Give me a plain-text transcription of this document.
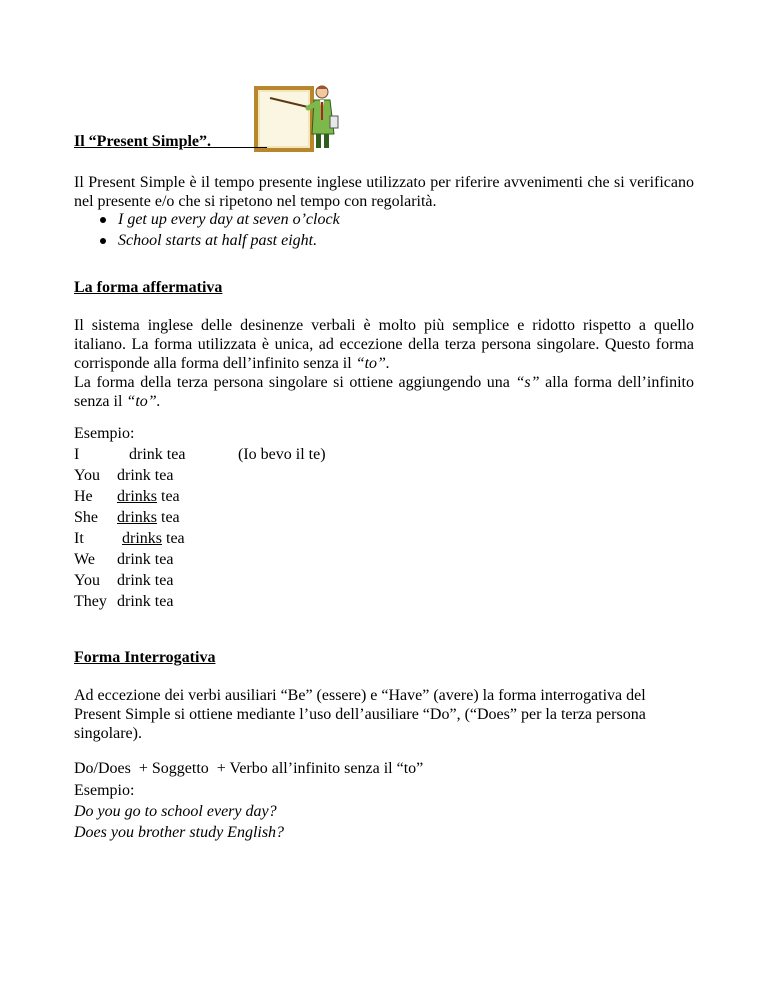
Il “Present Simple”.

Il Present Simple è il tempo presente inglese utilizzato per riferire avvenimenti che si verificano nel presente e/o che si ripetono nel tempo con regolarità.

I get up every day at seven o’clock
School starts at half past eight.
La forma affermativa

Il sistema inglese delle desinenze verbali è molto più semplice e ridotto rispetto a quello italiano. La forma utilizzata è unica, ad eccezione della terza persona singolare. Questo forma corrisponde alla forma dell’infinito senza il “to”.

La forma della terza persona singolare si ottiene aggiungendo una “s” alla forma dell’infinito senza il “to”.

Esempio:
I drink tea
You drink tea
He drinks tea
She drinks tea
It drinks tea
We drink tea
You drink tea
They drink tea
(Io bevo il te)
Forma Interrogativa

Ad eccezione dei verbi ausiliari “Be” (essere) e “Have” (avere) la forma interrogativa del Present Simple si ottiene mediante l’uso dell’ausiliare “Do”, (“Does” per la terza persona singolare).

Do/Does  + Soggetto  + Verbo all’infinito senza il “to”
Esempio:
Do you go to school every day?
Does you brother study English?
